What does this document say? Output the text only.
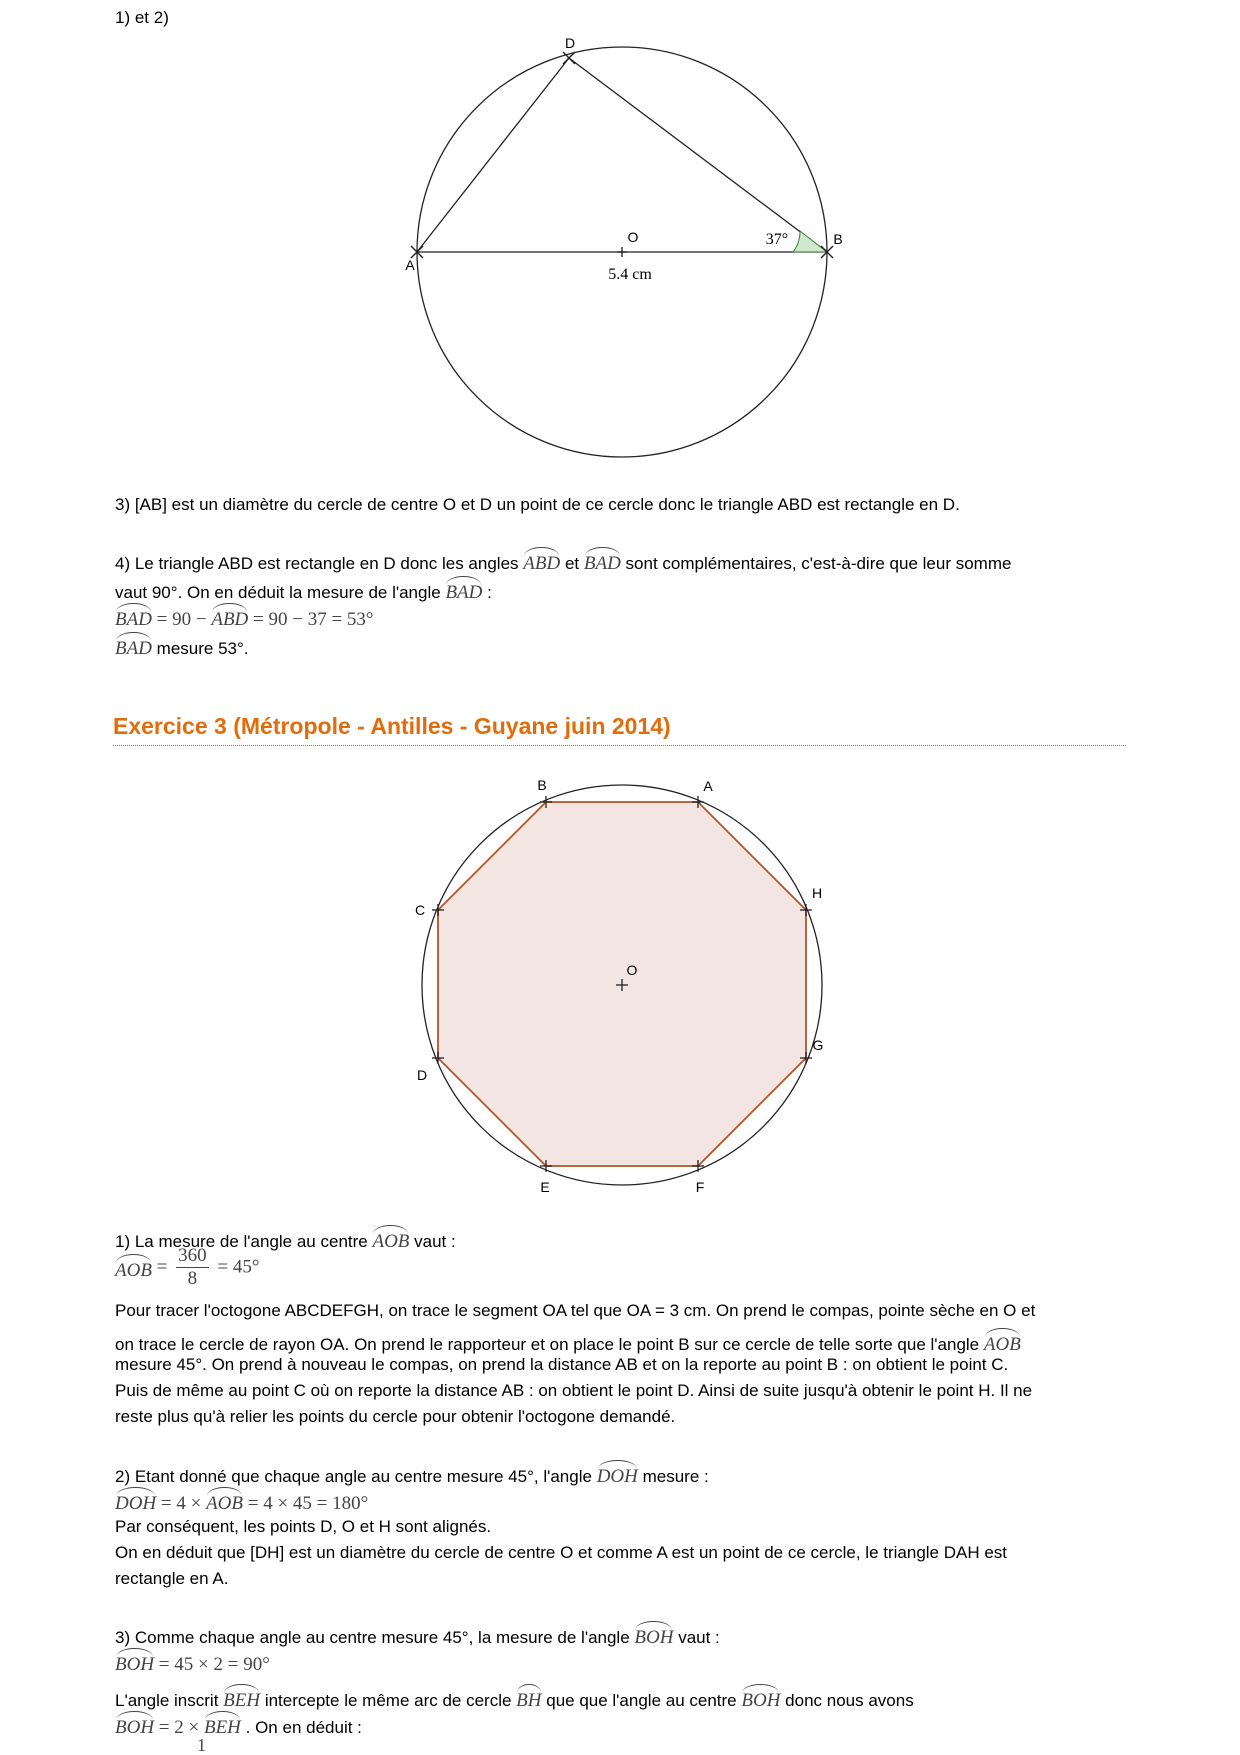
1) et 2)
D
A
B
O	37°
5.4 cm
3) [AB] est un diamètre du cercle de centre O et D un point de ce cercle donc le triangle ABD est rectangle en D.
4) Le triangle ABD est rectangle en D donc les angles ABD et BAD sont complémentaires, c'est-à-dire que leur somme
vaut 90°. On en déduit la mesure de l'angle BAD :
BAD = 90 − ABD = 90 − 37 = 53°
BAD mesure 53°.
Exercice 3 (Métropole - Antilles - Guyane juin 2014)
B	A
H
C
O
G
D
E	F
1) La mesure de l'angle au centre AOB vaut :
AOB = $\frac{360}{8} = 45^\circ$
Pour tracer l'octogone ABCDEFGH, on trace le segment OA tel que OA = 3 cm. On prend le compas, pointe sèche en O et
on trace le cercle de rayon OA. On prend le rapporteur et on place le point B sur ce cercle de telle sorte que l'angle AOB
mesure 45°. On prend à nouveau le compas, on prend la distance AB et on la reporte au point B : on obtient le point C.
Puis de même au point C où on reporte la distance AB : on obtient le point D. Ainsi de suite jusqu'à obtenir le point H. Il ne
reste plus qu'à relier les points du cercle pour obtenir l'octogone demandé.
2) Etant donné que chaque angle au centre mesure 45°, l'angle DOH mesure :
DOH = 4 × AOB = 4 × 45 = 180°
Par conséquent, les points D, O et H sont alignés.
On en déduit que [DH] est un diamètre du cercle de centre O et comme A est un point de ce cercle, le triangle DAH est
rectangle en A.
3) Comme chaque angle au centre mesure 45°, la mesure de l'angle BOH vaut :
BOH = 45 × 2 = 90°
L'angle inscrit BEH intercepte le même arc de cercle BH que que l'angle au centre BOH donc nous avons
BOH = 2 × BEH . On en déduit :
1
